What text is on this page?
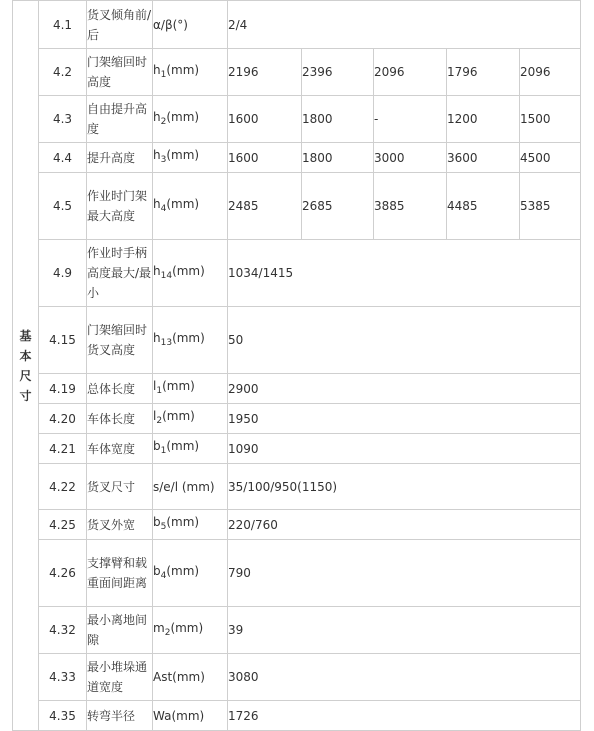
基
本
尺
寸	4.1	货叉倾角前/后	α/β(°)	2/4				
	4.2	门架缩回时高度	$h_1(mm)$	2196	2396	2096	1796	2096
	4.3	自由提升高度	$h_2(mm)$	1600	1800	-	1200	1500
	4.4	提升高度	$h_3(mm)$	1600	1800	3000	3600	4500
	4.5	作业时门架最大高度	$h_4(mm)$	2485	2685	3885	4485	5385
	4.9	作业时手柄高度最大/最小	$h_{14}(mm)$	1034/1415				
	4.15	门架缩回时货叉高度	$h_{13}(mm)$	50				
	4.19	总体长度	$l_1(mm)$	2900				
	4.20	车体长度	$l_2(mm)$	1950				
	4.21	车体宽度	$b_1(mm)$	1090				
	4.22	货叉尺寸	s/e/l (mm)	35/100/950(1150)				
	4.25	货叉外宽	$b_5(mm)$	220/760				
	4.26	支撑臂和载重面间距离	$b_4(mm)$	790				
	4.32	最小离地间隙	$m_2(mm)$	39				
	4.33	最小堆垛通道宽度	Ast(mm)	3080				
	4.35	转弯半径	Wa(mm)	1726				
